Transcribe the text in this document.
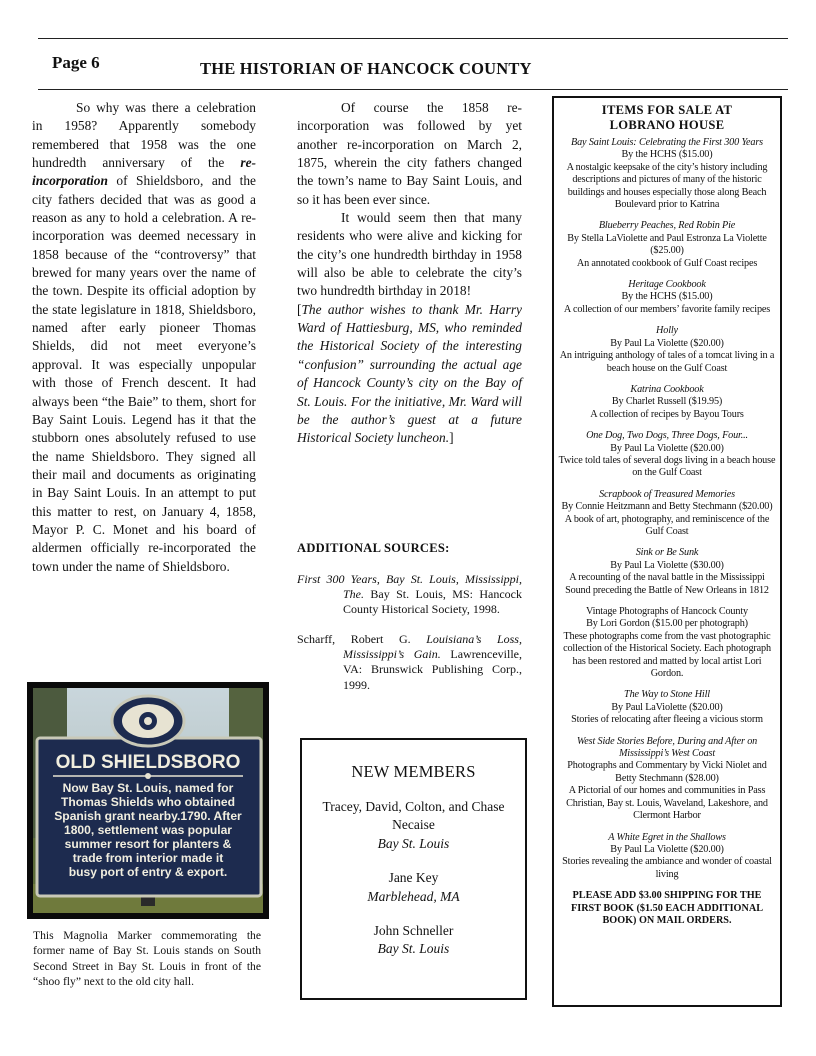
Page 6	THE HISTORIAN OF HANCOCK COUNTY

So why was there a celebration in 1958? Apparently somebody remembered that 1958 was the one hundredth anniversary of the re-incorporation of Shieldsboro, and the city fathers decided that was as good a reason as any to hold a celebration. A re-incorporation was deemed necessary in 1858 because of the “controversy” that brewed for many years over the name of the town. Despite its official adoption by the state legislature in 1818, Shieldsboro, named after early pioneer Thomas Shields, did not meet everyone’s approval. It was especially unpopular with those of French descent. It had always been “the Baie” to them, short for Bay Saint Louis. Legend has it that the stubborn ones absolutely refused to use the name Shieldsboro. They signed all their mail and documents as originating in Bay Saint Louis. In an attempt to put this matter to rest, on January 4, 1858, Mayor P. C. Monet and his board of aldermen officially re-incorporated the town under the name of Shieldsboro.

Of course the 1858 re-incorporation was followed by yet another re-incorporation on March 2, 1875, wherein the city fathers changed the town’s name to Bay Saint Louis, and so it has been ever since.

It would seem then that many residents who were alive and kicking for the city’s one hundredth birthday in 1958 will also be able to celebrate the city’s two hundredth birthday in 2018!

[The author wishes to thank Mr. Harry Ward of Hattiesburg, MS, who reminded the Historical Society of the interesting “confusion” surrounding the actual age of Hancock County’s city on the Bay of St. Louis. For the initiative, Mr. Ward will be the author’s guest at a future Historical Society luncheon.]

ADDITIONAL SOURCES:

First 300 Years, Bay St. Louis, Mississippi, The. Bay St. Louis, MS: Hancock County Historical Society, 1998.

Scharff, Robert G. Louisiana’s Loss, Mississippi’s Gain. Lawrenceville, VA: Brunswick Publishing Corp., 1999.

OLD SHIELDSBORO
Now Bay St. Louis, named for
Thomas Shields who obtained
Spanish grant nearby.1790. After
1800, settlement was popular
summer resort for planters &
trade from interior made it
busy port of entry & export.
This Magnolia Marker commemorating the former name of Bay St. Louis stands on South Second Street in Bay St. Louis in front of the “shoo fly” next to the old city hall.
NEW MEMBERS
Tracey, David, Colton, and Chase Necaise
Bay St. Louis
Jane Key
Marblehead, MA
John Schneller
Bay St. Louis
ITEMS FOR SALE AT
LOBRANO HOUSE
Bay Saint Louis: Celebrating the First 300 Years
By the HCHS ($15.00)
A nostalgic keepsake of the city’s history including descriptions and pictures of many of the historic buildings and houses especially those along Beach Boulevard prior to Katrina
Blueberry Peaches, Red Robin Pie
By Stella LaViolette and Paul Estronza La Violette ($25.00)
An annotated cookbook of Gulf Coast recipes
Heritage Cookbook
By the HCHS ($15.00)
A collection of our members’ favorite family recipes
Holly
By Paul La Violette ($20.00)
An intriguing anthology of tales of a tomcat living in a beach house on the Gulf Coast
Katrina Cookbook
By Charlet Russell ($19.95)
A collection of recipes by Bayou Tours
One Dog, Two Dogs, Three Dogs, Four...
By Paul La Violette ($20.00)
Twice told tales of several dogs living in a beach house on the Gulf Coast
Scrapbook of Treasured Memories
By Connie Heitzmann and Betty Stechmann ($20.00)
A book of art, photography, and reminiscence of the Gulf Coast
Sink or Be Sunk
By Paul La Violette ($30.00)
A recounting of the naval battle in the Mississippi Sound preceding the Battle of New Orleans in 1812
Vintage Photographs of Hancock County
By Lori Gordon ($15.00 per photograph)
These photographs come from the vast photographic collection of the Historical Society. Each photograph has been restored and matted by local artist Lori Gordon.
The Way to Stone Hill
By Paul LaViolette ($20.00)
Stories of relocating after fleeing a vicious storm
West Side Stories Before, During and After on Mississippi’s West Coast
Photographs and Commentary by Vicki Niolet and Betty Stechmann ($28.00)
A Pictorial of our homes and communities in Pass Christian, Bay st. Louis, Waveland, Lakeshore, and Clermont Harbor
A White Egret in the Shallows
By Paul La Violette ($20.00)
Stories revealing the ambiance and wonder of coastal living
PLEASE ADD $3.00 SHIPPING FOR THE FIRST BOOK ($1.50 EACH ADDITIONAL BOOK) ON MAIL ORDERS.
